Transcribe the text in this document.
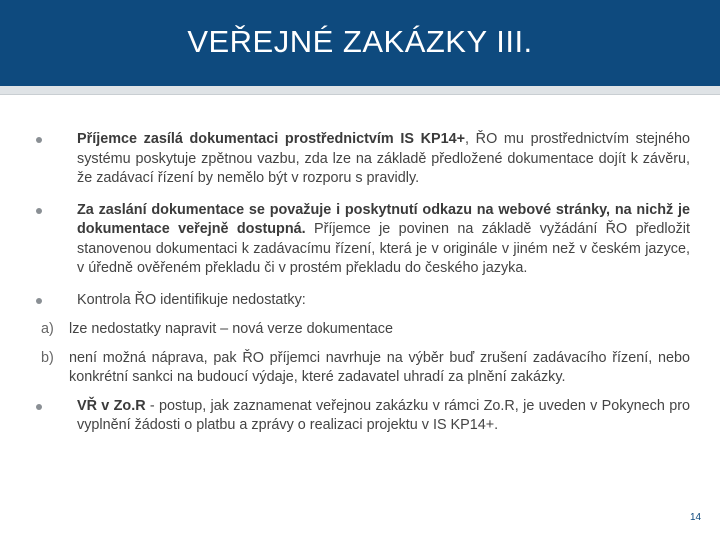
VEŘEJNÉ ZAKÁZKY III.
Příjemce zasílá dokumentaci prostřednictvím IS KP14+, ŘO mu prostřednictvím stejného systému poskytuje zpětnou vazbu, zda lze na základě předložené dokumentace dojít k závěru, že zadávací řízení by nemělo být v rozporu s pravidly.
Za zaslání dokumentace se považuje i poskytnutí odkazu na webové stránky, na nichž je dokumentace veřejně dostupná. Příjemce je povinen na základě vyžádání ŘO předložit stanovenou dokumentaci k zadávacímu řízení, která je v originále v jiném než v českém jazyce, v úředně ověřeném překladu či v prostém překladu do českého jazyka.
Kontrola ŘO identifikuje nedostatky:
a) lze nedostatky napravit – nová verze dokumentace
b) není možná náprava, pak ŘO příjemci navrhuje na výběr buď zrušení zadávacího řízení, nebo konkrétní sankci na budoucí výdaje, které zadavatel uhradí za plnění zakázky.
VŘ v Zo.R - postup, jak zaznamenat veřejnou zakázku v rámci Zo.R, je uveden v Pokynech pro vyplnění žádosti o platbu a zprávy o realizaci projektu v IS KP14+.
14
